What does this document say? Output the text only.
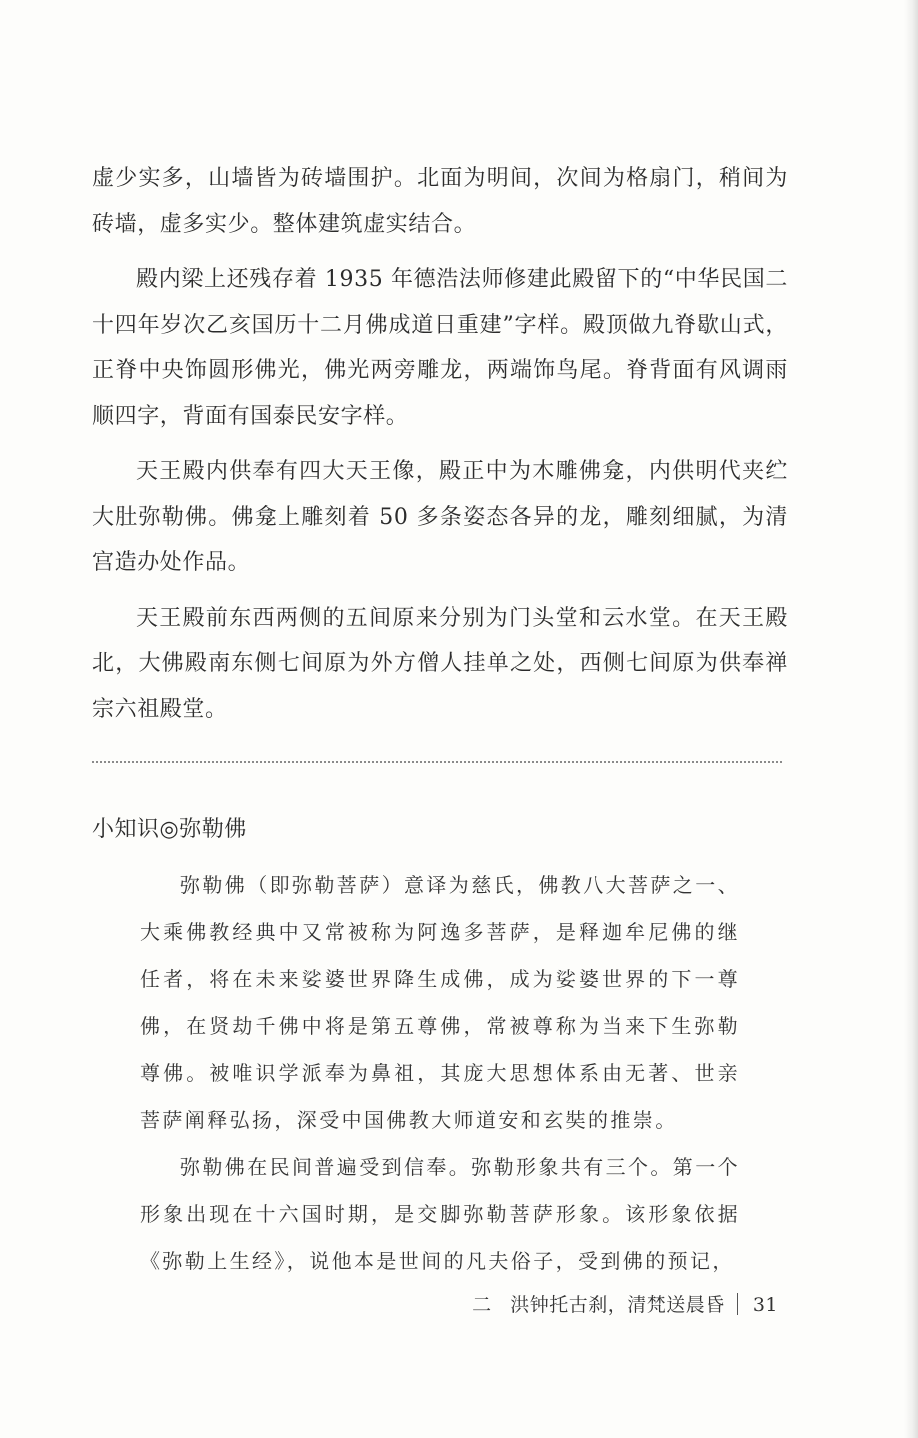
虚少实多，山墙皆为砖墙围护。北面为明间，次间为格扇门，稍间为砖墙，虚多实少。整体建筑虚实结合。

殿内梁上还残存着 1935 年德浩法师修建此殿留下的“中华民国二十四年岁次乙亥国历十二月佛成道日重建”字样。殿顶做九脊歇山式，正脊中央饰圆形佛光，佛光两旁雕龙，两端饰鸟尾。脊背面有风调雨顺四字，背面有国泰民安字样。

天王殿内供奉有四大天王像，殿正中为木雕佛龛，内供明代夹纻大肚弥勒佛。佛龛上雕刻着 50 多条姿态各异的龙，雕刻细腻，为清宫造办处作品。

天王殿前东西两侧的五间原来分别为门头堂和云水堂。在天王殿北，大佛殿南东侧七间原为外方僧人挂单之处，西侧七间原为供奉禅宗六祖殿堂。

小知识◎弥勒佛

弥勒佛（即弥勒菩萨）意译为慈氏，佛教八大菩萨之一、大乘佛教经典中又常被称为阿逸多菩萨，是释迦牟尼佛的继任者，将在未来娑婆世界降生成佛，成为娑婆世界的下一尊佛，在贤劫千佛中将是第五尊佛，常被尊称为当来下生弥勒尊佛。被唯识学派奉为鼻祖，其庞大思想体系由无著、世亲菩萨阐释弘扬，深受中国佛教大师道安和玄奘的推崇。

弥勒佛在民间普遍受到信奉。弥勒形象共有三个。第一个形象出现在十六国时期，是交脚弥勒菩萨形象。该形象依据《弥勒上生经》，说他本是世间的凡夫俗子，受到佛的预记，

二 洪钟托古刹，清梵送晨昏 31
